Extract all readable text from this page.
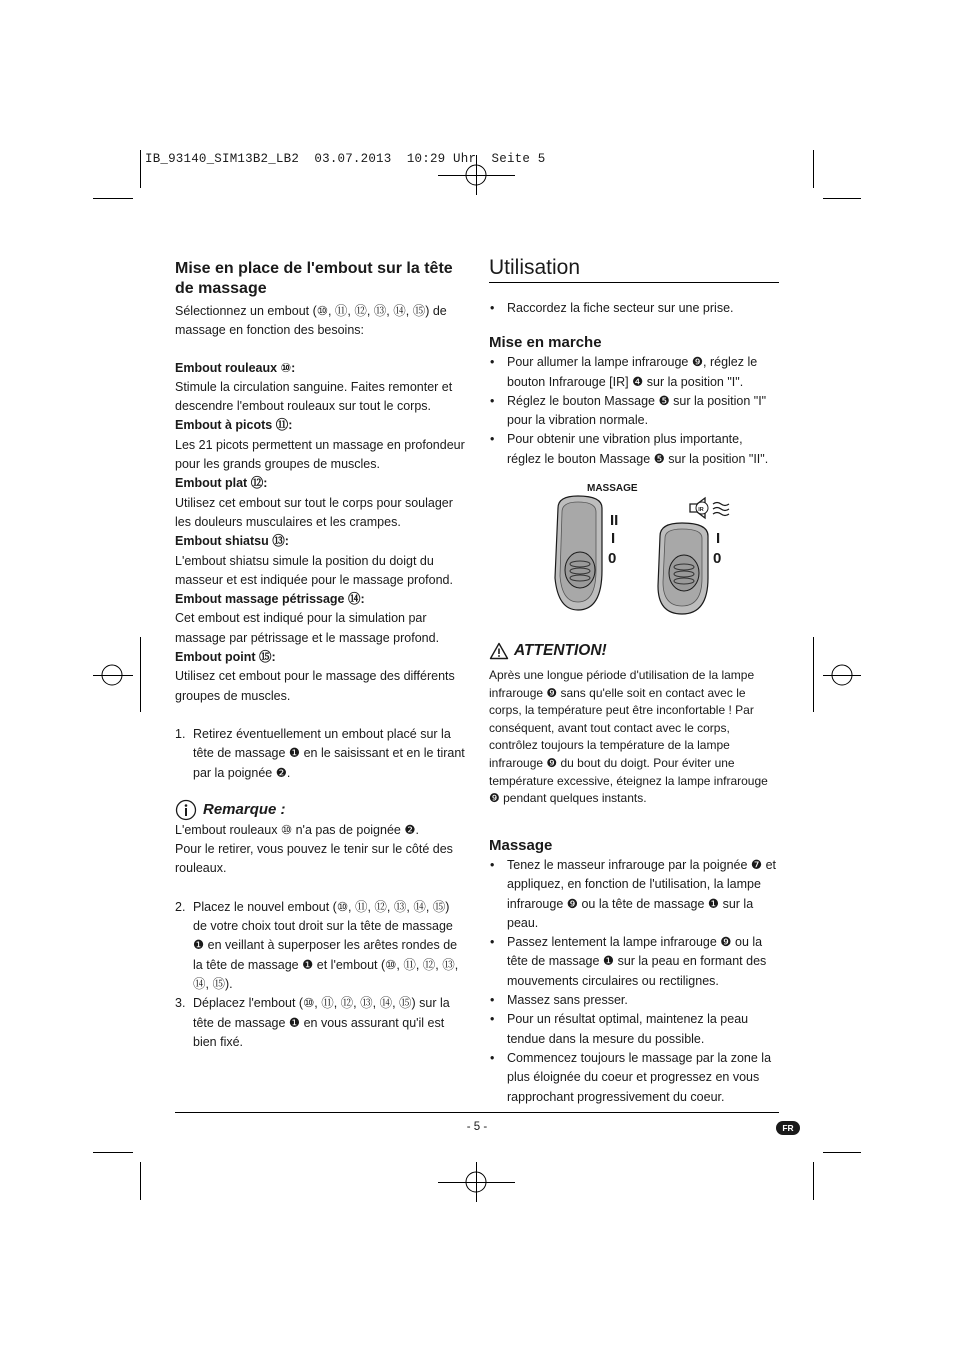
IB_93140_SIM13B2_LB2  03.07.2013  10:29 Uhr  Seite 5
Mise en place de l'embout sur la tête de massage

Sélectionnez un embout (⑩, ⑪, ⑫, ⑬, ⑭, ⑮) de massage en fonction des besoins:

Embout rouleaux ⑩:

Stimule la circulation sanguine. Faites remonter et descendre l'embout rouleaux sur tout le corps.

Embout à picots ⑪:

Les 21 picots permettent un massage en profondeur pour les grands groupes de muscles.

Embout plat ⑫:

Utilisez cet embout sur tout le corps pour soulager les douleurs musculaires et les crampes.

Embout shiatsu ⑬:

L'embout shiatsu simule la position du doigt du masseur et est indiquée pour le massage profond.

Embout massage pétrissage ⑭:

Cet embout est indiqué pour la simulation par massage par pétrissage et le massage profond.

Embout point ⑮:

Utilisez cet embout pour le massage des différents groupes de muscles.

1. Retirez éventuellement un embout placé sur la tête de massage ❶ en le saisissant et en le tirant par la poignée ❷.
Remarque :

L'embout rouleaux ⑩ n'a pas de poignée ❷.

Pour le retirer, vous pouvez le tenir sur le côté des rouleaux.

2. Placez le nouvel embout (⑩, ⑪, ⑫, ⑬, ⑭, ⑮) de votre choix tout droit sur la tête de massage ❶ en veillant à superposer les arêtes rondes de la tête de massage ❶ et l'embout (⑩, ⑪, ⑫, ⑬, ⑭, ⑮).
3. Déplacez l'embout (⑩, ⑪, ⑫, ⑬, ⑭, ⑮) sur la tête de massage ❶ en vous assurant qu'il est bien fixé.
Utilisation
• Raccordez la fiche secteur sur une prise.
Mise en marche
• Pour allumer la lampe infrarouge ❾, réglez le bouton Infrarouge [IR] ❹ sur la position "I".
• Réglez le bouton Massage ❺ sur la position "I" pour la vibration normale.
• Pour obtenir une vibration plus importante, réglez le bouton Massage ❺ sur la position "II".
MASSAGE
II
I
0
IR
I
0
ATTENTION!

Après une longue période d'utilisation de la lampe infrarouge ❾ sans qu'elle soit en contact avec le corps, la température peut être inconfortable ! Par conséquent, avant tout contact avec le corps, contrôlez toujours la température de la lampe infrarouge ❾ du bout du doigt. Pour éviter une température excessive, éteignez la lampe infrarouge ❾ pendant quelques instants.

Massage
• Tenez le masseur infrarouge par la poignée ❼ et appliquez, en fonction de l'utilisation, la lampe infrarouge ❾ ou la tête de massage ❶ sur la peau.
• Passez lentement la lampe infrarouge ❾ ou la tête de massage ❶ sur la peau en formant des mouvements circulaires ou rectilignes.
• Massez sans presser.
• Pour un résultat optimal, maintenez la peau tendue dans la mesure du possible.
• Commencez toujours le massage par la zone la plus éloignée du coeur et progressez en vous rapprochant progressivement du coeur.
- 5 -	FR
